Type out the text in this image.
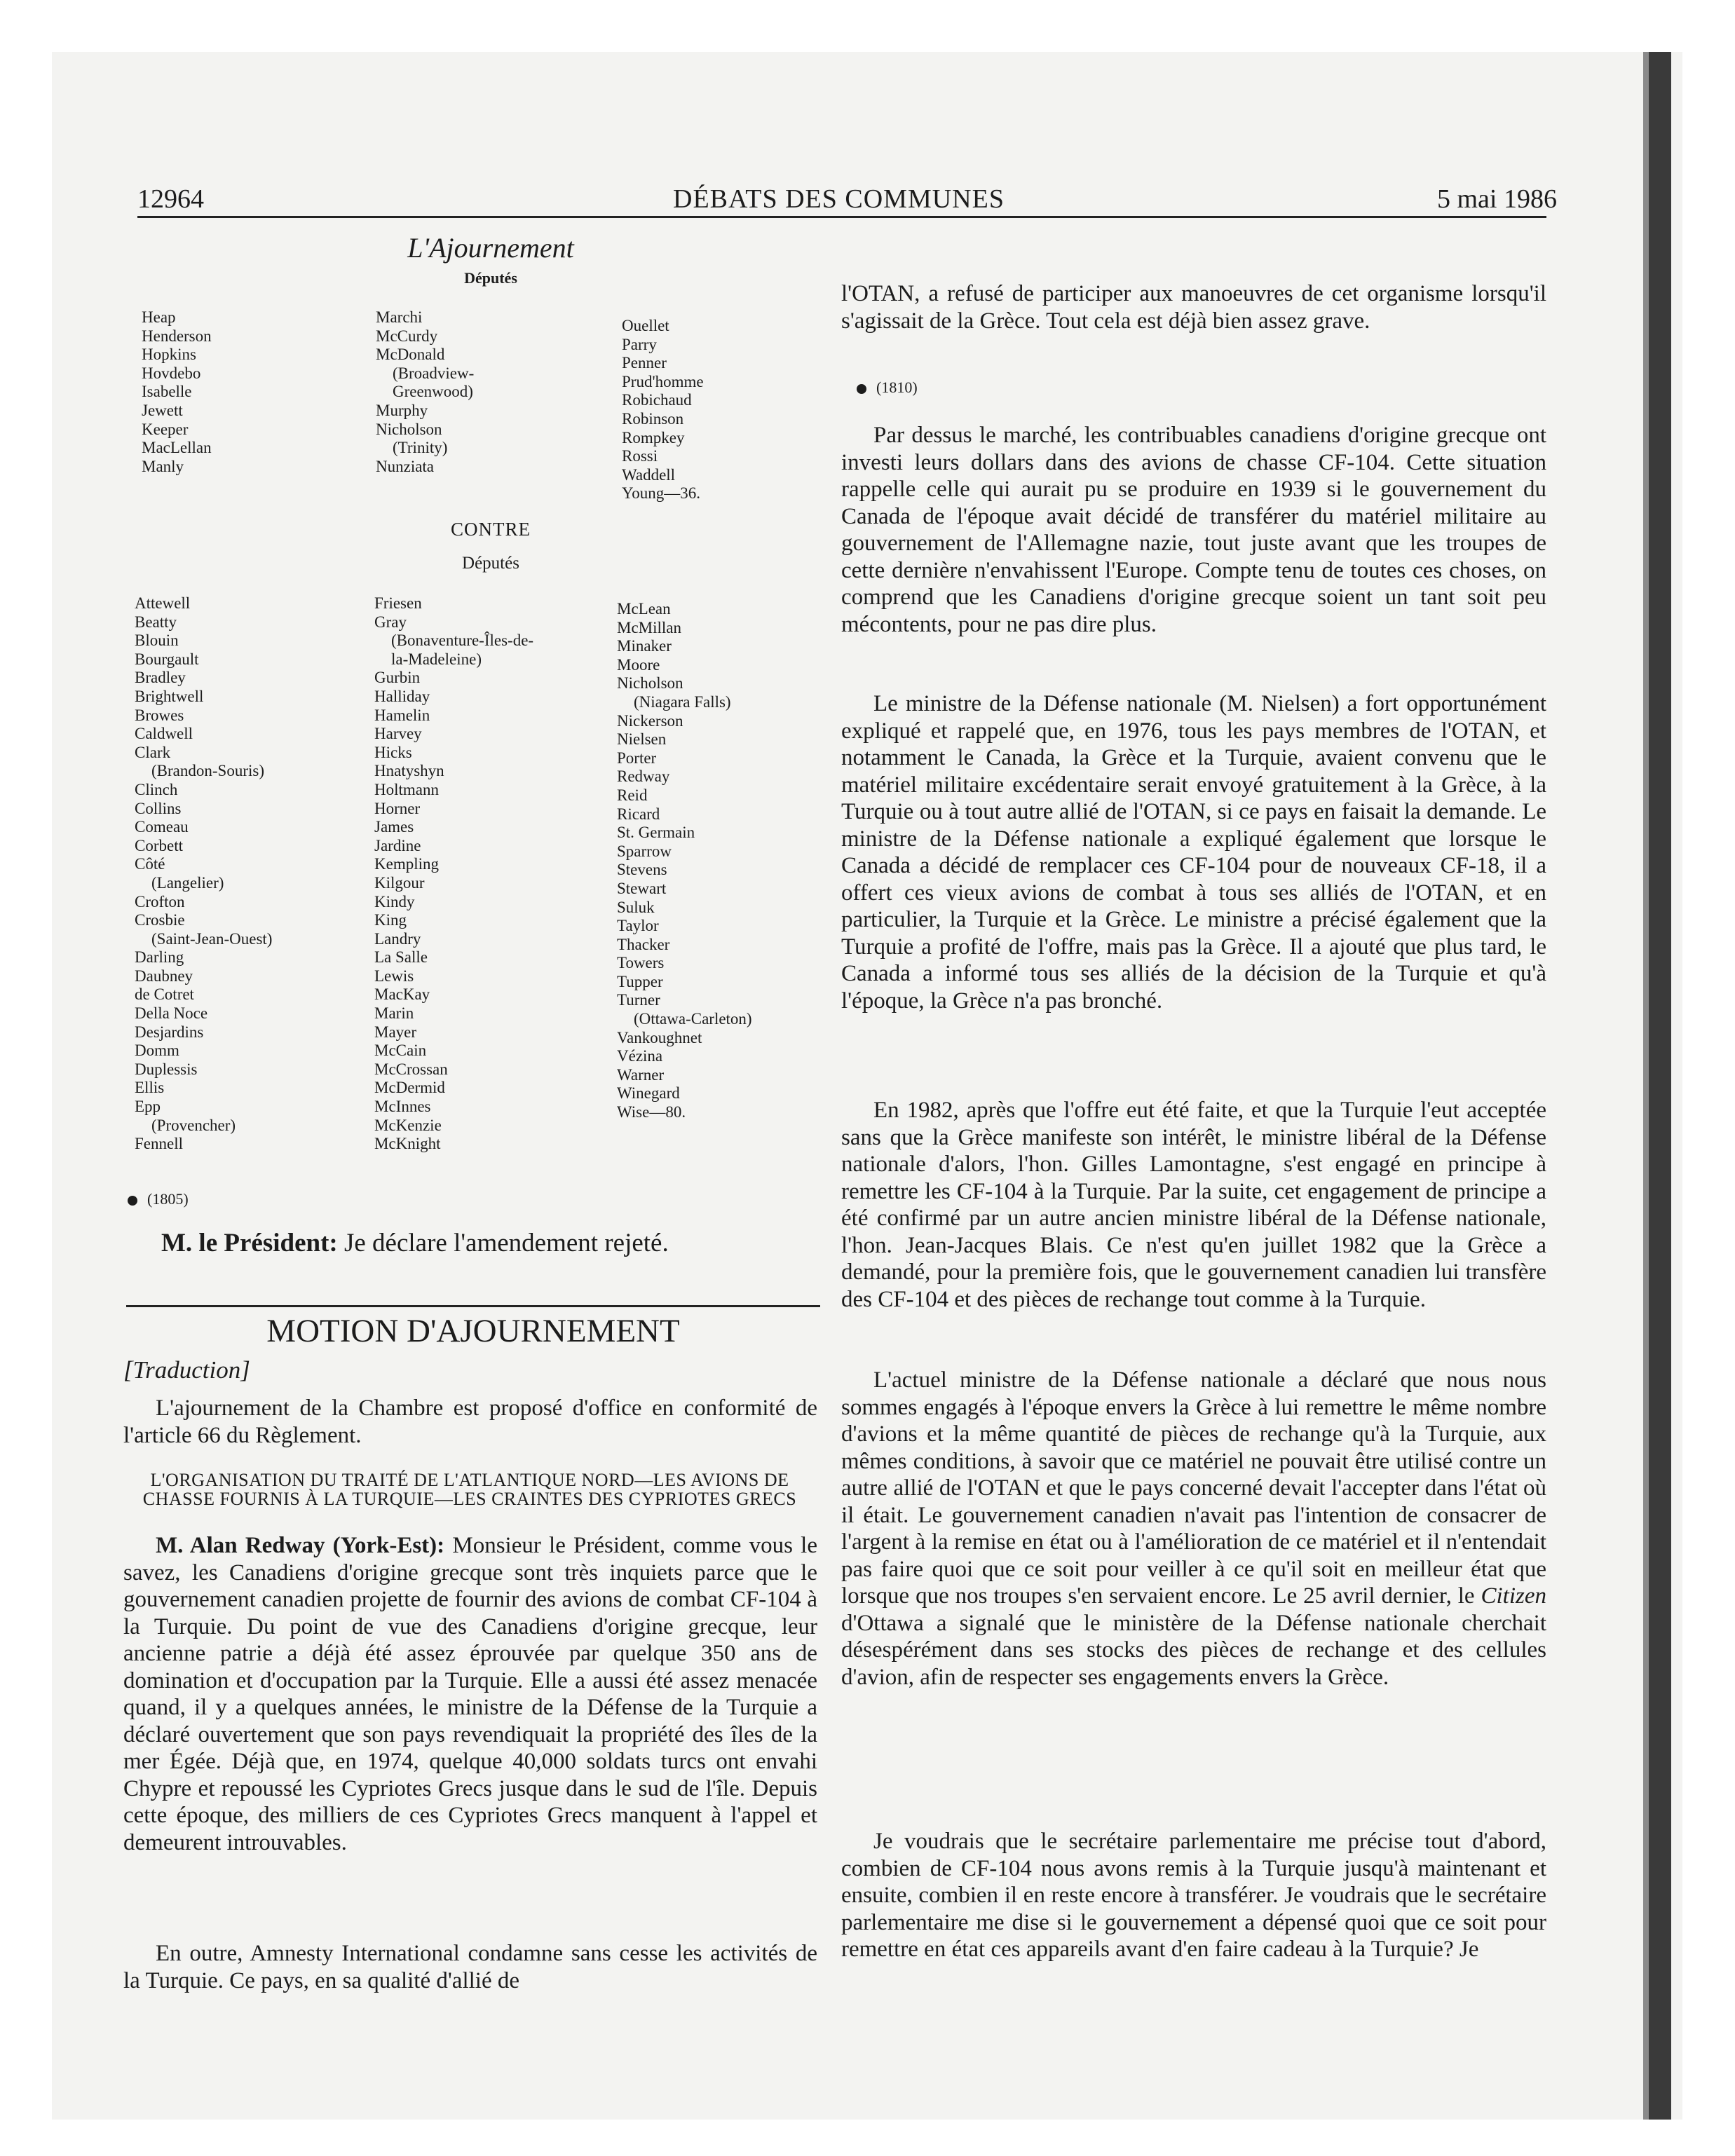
12964	DÉBATS DES COMMUNES	5 mai 1986
L'Ajournement
Députés
Heap
Henderson
Hopkins
Hovdebo
Isabelle
Jewett
Keeper
MacLellan
Manly
Marchi
McCurdy
McDonald
(Broadview-
Greenwood)
Murphy
Nicholson
(Trinity)
Nunziata
Ouellet
Parry
Penner
Prud'homme
Robichaud
Robinson
Rompkey
Rossi
Waddell
Young—36.
CONTRE
Députés
Attewell
Beatty
Blouin
Bourgault
Bradley
Brightwell
Browes
Caldwell
Clark
(Brandon-Souris)
Clinch
Collins
Comeau
Corbett
Côté
(Langelier)
Crofton
Crosbie
(Saint-Jean-Ouest)
Darling
Daubney
de Cotret
Della Noce
Desjardins
Domm
Duplessis
Ellis
Epp
(Provencher)
Fennell
Friesen
Gray
(Bonaventure-Îles-de-
la-Madeleine)
Gurbin
Halliday
Hamelin
Harvey
Hicks
Hnatyshyn
Holtmann
Horner
James
Jardine
Kempling
Kilgour
Kindy
King
Landry
La Salle
Lewis
MacKay
Marin
Mayer
McCain
McCrossan
McDermid
McInnes
McKenzie
McKnight
McLean
McMillan
Minaker
Moore
Nicholson
(Niagara Falls)
Nickerson
Nielsen
Porter
Redway
Reid
Ricard
St. Germain
Sparrow
Stevens
Stewart
Suluk
Taylor
Thacker
Towers
Tupper
Turner
(Ottawa-Carleton)
Vankoughnet
Vézina
Warner
Winegard
Wise—80.
(1805)
M. le Président: Je déclare l'amendement rejeté.
MOTION D'AJOURNEMENT
[Traduction]

L'ajournement de la Chambre est proposé d'office en conformité de l'article 66 du Règlement.

L'ORGANISATION DU TRAITÉ DE L'ATLANTIQUE NORD—LES AVIONS DE CHASSE FOURNIS À LA TURQUIE—LES CRAINTES DES CYPRIOTES GRECS

M. Alan Redway (York-Est): Monsieur le Président, comme vous le savez, les Canadiens d'origine grecque sont très inquiets parce que le gouvernement canadien projette de fournir des avions de combat CF-104 à la Turquie. Du point de vue des Canadiens d'origine grecque, leur ancienne patrie a déjà été assez éprouvée par quelque 350 ans de domination et d'occupation par la Turquie. Elle a aussi été assez menacée quand, il y a quelques années, le ministre de la Défense de la Turquie a déclaré ouvertement que son pays revendiquait la propriété des îles de la mer Égée. Déjà que, en 1974, quelque 40,000 soldats turcs ont envahi Chypre et repoussé les Cypriotes Grecs jusque dans le sud de l'île. Depuis cette époque, des milliers de ces Cypriotes Grecs manquent à l'appel et demeurent introuvables.

En outre, Amnesty International condamne sans cesse les activités de la Turquie. Ce pays, en sa qualité d'allié de

l'OTAN, a refusé de participer aux manoeuvres de cet organisme lorsqu'il s'agissait de la Grèce. Tout cela est déjà bien assez grave.

(1810)

Par dessus le marché, les contribuables canadiens d'origine grecque ont investi leurs dollars dans des avions de chasse CF-104. Cette situation rappelle celle qui aurait pu se produire en 1939 si le gouvernement du Canada de l'époque avait décidé de transférer du matériel militaire au gouvernement de l'Allemagne nazie, tout juste avant que les troupes de cette dernière n'envahissent l'Europe. Compte tenu de toutes ces choses, on comprend que les Canadiens d'origine grecque soient un tant soit peu mécontents, pour ne pas dire plus.

Le ministre de la Défense nationale (M. Nielsen) a fort opportunément expliqué et rappelé que, en 1976, tous les pays membres de l'OTAN, et notamment le Canada, la Grèce et la Turquie, avaient convenu que le matériel militaire excédentaire serait envoyé gratuitement à la Grèce, à la Turquie ou à tout autre allié de l'OTAN, si ce pays en faisait la demande. Le ministre de la Défense nationale a expliqué également que lorsque le Canada a décidé de remplacer ces CF-104 pour de nouveaux CF-18, il a offert ces vieux avions de combat à tous ses alliés de l'OTAN, et en particulier, la Turquie et la Grèce. Le ministre a précisé également que la Turquie a profité de l'offre, mais pas la Grèce. Il a ajouté que plus tard, le Canada a informé tous ses alliés de la décision de la Turquie et qu'à l'époque, la Grèce n'a pas bronché.

En 1982, après que l'offre eut été faite, et que la Turquie l'eut acceptée sans que la Grèce manifeste son intérêt, le ministre libéral de la Défense nationale d'alors, l'hon. Gilles Lamontagne, s'est engagé en principe à remettre les CF-104 à la Turquie. Par la suite, cet engagement de principe a été confirmé par un autre ancien ministre libéral de la Défense nationale, l'hon. Jean-Jacques Blais. Ce n'est qu'en juillet 1982 que la Grèce a demandé, pour la première fois, que le gouvernement canadien lui transfère des CF-104 et des pièces de rechange tout comme à la Turquie.

L'actuel ministre de la Défense nationale a déclaré que nous nous sommes engagés à l'époque envers la Grèce à lui remettre le même nombre d'avions et la même quantité de pièces de rechange qu'à la Turquie, aux mêmes conditions, à savoir que ce matériel ne pouvait être utilisé contre un autre allié de l'OTAN et que le pays concerné devait l'accepter dans l'état où il était. Le gouvernement canadien n'avait pas l'intention de consacrer de l'argent à la remise en état ou à l'amélioration de ce matériel et il n'entendait pas faire quoi que ce soit pour veiller à ce qu'il soit en meilleur état que lorsque que nos troupes s'en servaient encore. Le 25 avril dernier, le Citizen d'Ottawa a signalé que le ministère de la Défense nationale cherchait désespérément dans ses stocks des pièces de rechange et des cellules d'avion, afin de respecter ses engagements envers la Grèce.

Je voudrais que le secrétaire parlementaire me précise tout d'abord, combien de CF-104 nous avons remis à la Turquie jusqu'à maintenant et ensuite, combien il en reste encore à transférer. Je voudrais que le secrétaire parlementaire me dise si le gouvernement a dépensé quoi que ce soit pour remettre en état ces appareils avant d'en faire cadeau à la Turquie? Je
